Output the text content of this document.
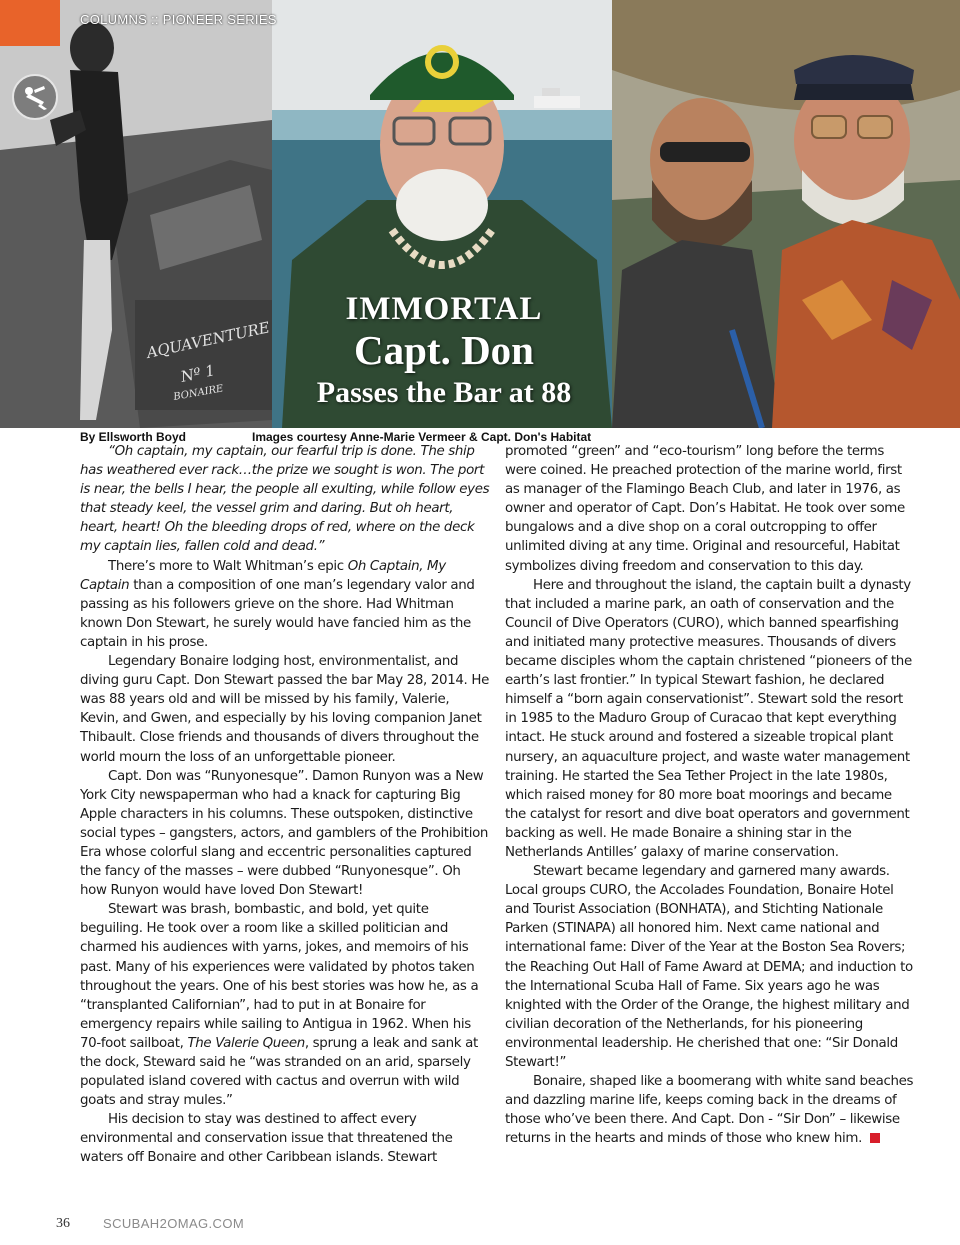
AQUAVENTURE
Nº 1
BONAIRE
COLUMNS :: PIONEER SERIES
IMMORTAL
Capt. Don
Passes the Bar at 88
By Ellsworth Boyd	Images courtesy Anne-Marie Vermeer & Capt. Don's Habitat

“Oh captain, my captain, our fearful trip is done. The ship has weathered ever rack…the prize we sought is won. The port is near, the bells I hear, the people all exulting, while follow eyes that steady keel, the vessel grim and daring. But oh heart, heart, heart! Oh the bleeding drops of red, where on the deck my captain lies, fallen cold and dead.”

There’s more to Walt Whitman’s epic Oh Captain, My Captain than a composition of one man’s legendary valor and passing as his followers grieve on the shore. Had Whitman known Don Stewart, he surely would have fancied him as the captain in his prose.

Legendary Bonaire lodging host, environmentalist, and diving guru Capt. Don Stewart passed the bar May 28, 2014. He was 88 years old and will be missed by his family, Valerie, Kevin, and Gwen, and especially by his loving companion Janet Thibault. Close friends and thousands of divers throughout the world mourn the loss of an unforgettable pioneer.

Capt. Don was “Runyonesque”. Damon Runyon was a New York City newspaperman who had a knack for capturing Big Apple characters in his columns. These outspoken, distinctive social types – gangsters, actors, and gamblers of the Prohibition Era whose colorful slang and eccentric personalities captured the fancy of the masses – were dubbed “Runyonesque”. Oh how Runyon would have loved Don Stewart!

Stewart was brash, bombastic, and bold, yet quite beguiling. He took over a room like a skilled politician and charmed his audiences with yarns, jokes, and memoirs of his past. Many of his experiences were validated by photos taken throughout the years. One of his best stories was how he, as a “transplanted Californian”, had to put in at Bonaire for emergency repairs while sailing to Antigua in 1962. When his 70-foot sailboat, The Valerie Queen, sprung a leak and sank at the dock, Steward said he “was stranded on an arid, sparsely populated island covered with cactus and overrun with wild goats and stray mules.”

His decision to stay was destined to affect every environmental and conservation issue that threatened the waters off Bonaire and other Caribbean islands. Stewart

promoted “green” and “eco-tourism” long before the terms were coined. He preached protection of the marine world, first as manager of the Flamingo Beach Club, and later in 1976, as owner and operator of Capt. Don’s Habitat. He took over some bungalows and a dive shop on a coral outcropping to offer unlimited diving at any time. Original and resourceful, Habitat symbolizes diving freedom and conservation to this day.

Here and throughout the island, the captain built a dynasty that included a marine park, an oath of conservation and the Council of Dive Operators (CURO), which banned spearfishing and initiated many protective measures. Thousands of divers became disciples whom the captain christened “pioneers of the earth’s last frontier.” In typical Stewart fashion, he declared himself a “born again conservationist”. Stewart sold the resort in 1985 to the Maduro Group of Curacao that kept everything intact. He stuck around and fostered a sizeable tropical plant nursery, an aquaculture project, and waste water management training. He started the Sea Tether Project in the late 1980s, which raised money for 80 more boat moorings and became the catalyst for resort and dive boat operators and government backing as well. He made Bonaire a shining star in the Netherlands Antilles’ galaxy of marine conservation.

Stewart became legendary and garnered many awards. Local groups CURO, the Accolades Foundation, Bonaire Hotel and Tourist Association (BONHATA), and Stichting Nationale Parken (STINAPA) all honored him. Next came national and international fame: Diver of the Year at the Boston Sea Rovers; the Reaching Out Hall of Fame Award at DEMA; and induction to the International Scuba Hall of Fame. Six years ago he was knighted with the Order of the Orange, the highest military and civilian decoration of the Netherlands, for his pioneering environmental leadership. He cherished that one: “Sir Donald Stewart!”

Bonaire, shaped like a boomerang with white sand beaches and dazzling marine life, keeps coming back in the dreams of those who’ve been there. And Capt. Don - “Sir Don” – likewise returns in the hearts and minds of those who knew him.

36	SCUBAH2OMAG.COM
